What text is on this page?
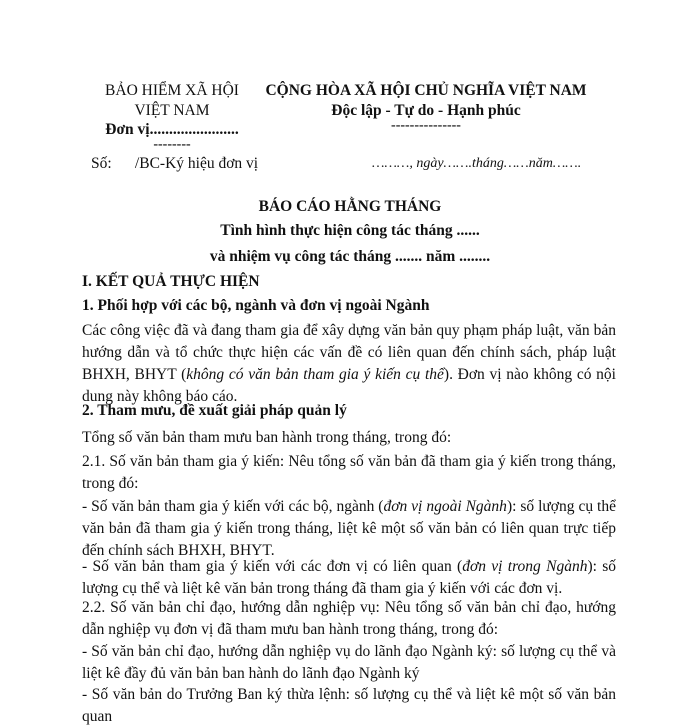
BẢO HIỂM XÃ HỘI
VIỆT NAM
Đơn vị.......................
--------
Số:      /BC-Ký hiệu đơn vị
CỘNG HÒA XÃ HỘI CHỦ NGHĨA VIỆT NAM
Độc lập - Tự do - Hạnh phúc
---------------
………, ngày…….tháng……năm…….
BÁO CÁO HẰNG THÁNG
Tình hình thực hiện công tác tháng ......
và nhiệm vụ công tác tháng ....... năm ........
I. KẾT QUẢ THỰC HIỆN
1. Phối hợp với các bộ, ngành và đơn vị ngoài Ngành
Các công việc đã và đang tham gia để xây dựng văn bản quy phạm pháp luật, văn bản hướng dẫn và tổ chức thực hiện các vấn đề có liên quan đến chính sách, pháp luật BHXH, BHYT (không có văn bản tham gia ý kiến cụ thể). Đơn vị nào không có nội dung này không báo cáo.
2. Tham mưu, đề xuất giải pháp quản lý
Tổng số văn bản tham mưu ban hành trong tháng, trong đó:
2.1. Số văn bản tham gia ý kiến: Nêu tổng số văn bản đã tham gia ý kiến trong tháng, trong đó:
- Số văn bản tham gia ý kiến với các bộ, ngành (đơn vị ngoài Ngành): số lượng cụ thể văn bản đã tham gia ý kiến trong tháng, liệt kê một số văn bản có liên quan trực tiếp đến chính sách BHXH, BHYT.
- Số văn bản tham gia ý kiến với các đơn vị có liên quan (đơn vị trong Ngành): số lượng cụ thể và liệt kê văn bản trong tháng đã tham gia ý kiến với các đơn vị.
2.2. Số văn bản chỉ đạo, hướng dẫn nghiệp vụ: Nêu tổng số văn bản chỉ đạo, hướng dẫn nghiệp vụ đơn vị đã tham mưu ban hành trong tháng, trong đó:
- Số văn bản chỉ đạo, hướng dẫn nghiệp vụ do lãnh đạo Ngành ký: số lượng cụ thể và liệt kê đầy đủ văn bản ban hành do lãnh đạo Ngành ký
- Số văn bản do Trưởng Ban ký thừa lệnh: số lượng cụ thể và liệt kê một số văn bản quan
